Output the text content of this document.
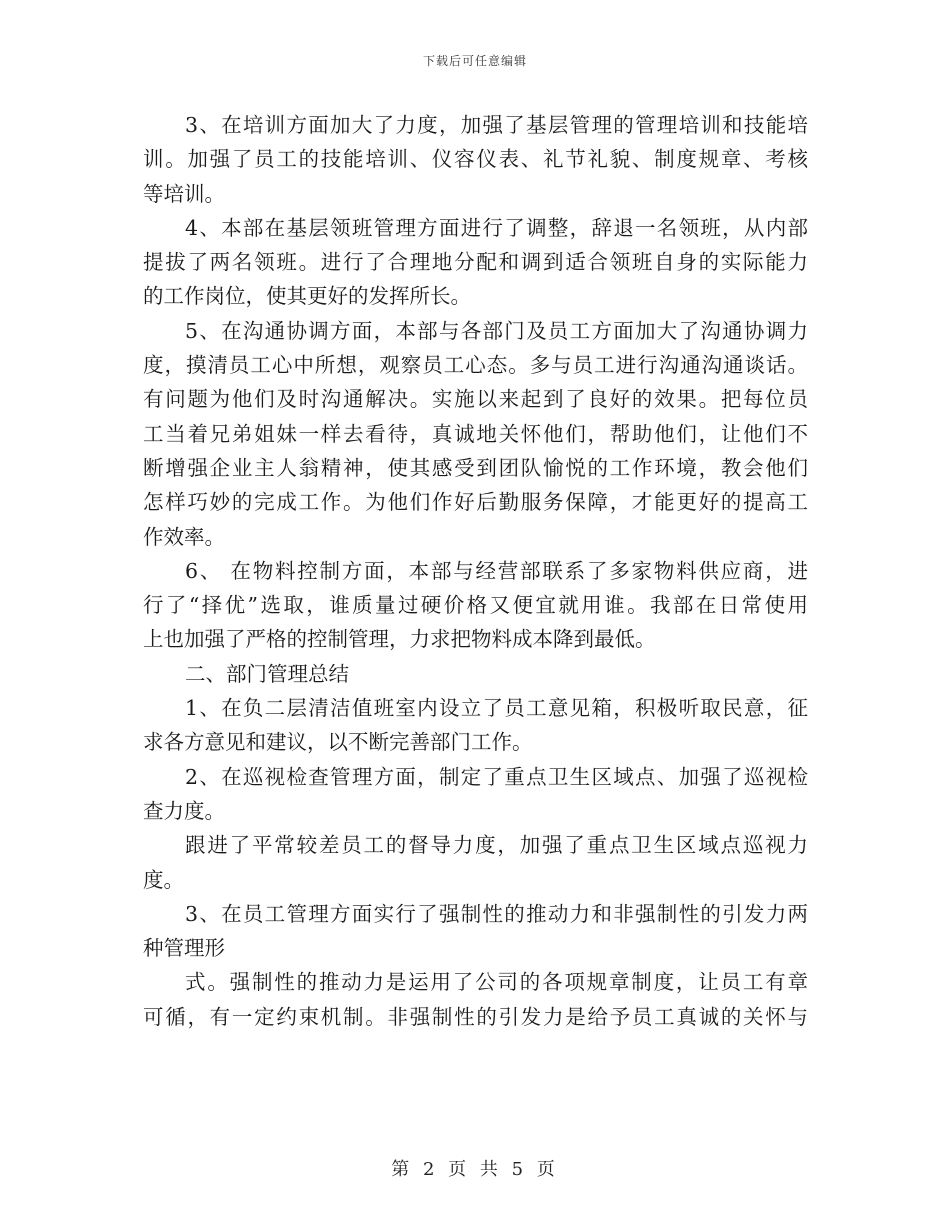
下载后可任意编辑
3、在培训方面加大了力度，加强了基层管理的管理培训和技能培
训。加强了员工的技能培训、仪容仪表、礼节礼貌、制度规章、考核
等培训。
4、本部在基层领班管理方面进行了调整，辞退一名领班，从内部
提拔了两名领班。进行了合理地分配和调到适合领班自身的实际能力
的工作岗位，使其更好的发挥所长。
5、在沟通协调方面，本部与各部门及员工方面加大了沟通协调力
度，摸清员工心中所想，观察员工心态。多与员工进行沟通沟通谈话。
有问题为他们及时沟通解决。实施以来起到了良好的效果。把每位员
工当着兄弟姐妹一样去看待，真诚地关怀他们，帮助他们，让他们不
断增强企业主人翁精神，使其感受到团队愉悦的工作环境，教会他们
怎样巧妙的完成工作。为他们作好后勤服务保障，才能更好的提高工
作效率。
6、 在物料控制方面，本部与经营部联系了多家物料供应商，进
行了“择优”选取，谁质量过硬价格又便宜就用谁。我部在日常使用
上也加强了严格的控制管理，力求把物料成本降到最低。
二、部门管理总结
1、在负二层清洁值班室内设立了员工意见箱，积极听取民意，征
求各方意见和建议，以不断完善部门工作。
2、在巡视检查管理方面，制定了重点卫生区域点、加强了巡视检
查力度。
跟进了平常较差员工的督导力度，加强了重点卫生区域点巡视力
度。
3、在员工管理方面实行了强制性的推动力和非强制性的引发力两
种管理形
式。强制性的推动力是运用了公司的各项规章制度，让员工有章
可循，有一定约束机制。非强制性的引发力是给予员工真诚的关怀与
第 2 页 共 5 页
